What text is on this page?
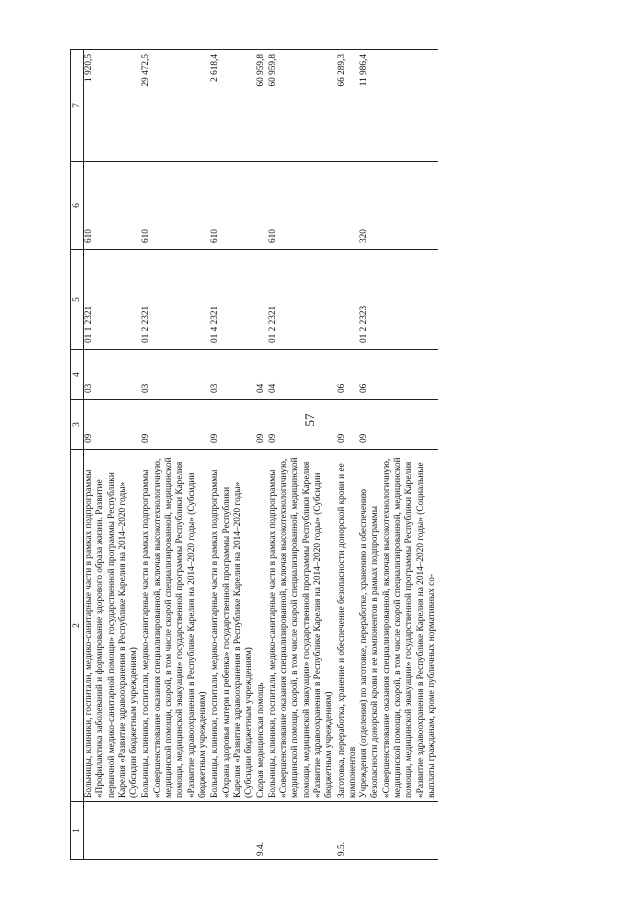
57
1	2	3	4	5	6	7
	Больницы, клиники, госпитали, медико-санитарные части в рамках подпрограммы «Профилактика заболеваний и формирование здорового образа жизни. Развитие первичной медико-санитарной помощи» государственной программы Республики Карелия «Развитие здравоохранения в Республике Карелия на 2014–2020 годы» (Субсидии бюджетным учреждениям)	09	03	01 1 2321	610	1 920,5
	Больницы, клиники, госпитали, медико-санитарные части в рамках подпрограммы «Совершенствование оказания специализированной, включая высокотехнологичную, медицинской помощи, скорой, в том числе скорой специализированной, медицинской помощи, медицинской эвакуации» государственной программы Республики Карелия «Развитие здравоохранения в Республике Карелия на 2014–2020 годы» (Субсидии бюджетным учреждениям)	09	03	01 2 2321	610	29 472,5
	Больницы, клиники, госпитали, медико-санитарные части в рамках подпрограммы «Охрана здоровья матери и ребенка» государственной программы Республики Карелия «Развитие здравоохранения в Республике Карелия на 2014–2020 годы» (Субсидии бюджетным учреждениям)	09	03	01 4 2321	610	2 618,4
9.4.	Скорая медицинская помощь	09	04			60 959,8
	Больницы, клиники, госпитали, медико-санитарные части в рамках подпрограммы «Совершенствование оказания специализированной, включая высокотехнологичную, медицинской помощи, скорой, в том числе скорой специализированной, медицинской помощи, медицинской эвакуации» государственной программы Республики Карелия «Развитие здравоохранения в Республике Карелия на 2014–2020 годы» (Субсидии бюджетным учреждениям)	09	04	01 2 2321	610	60 959,8
9.5.	Заготовка, переработка, хранение и обеспечение безопасности донорской крови и ее компонентов	09	06			66 289,3
	Учреждения (отделения) по заготовке, переработке, хранению и обеспечению безопасности донорской крови и ее компонентов в рамках подпрограммы «Совершенствование оказания специализированной, включая высокотехнологичную, медицинской помощи, скорой, в том числе скорой специализированной, медицинской помощи, медицинской эвакуации» государственной программы Республики Карелия «Развитие здравоохранения в Республике Карелия на 2014–2020 годы» (Социальные выплаты гражданам, кроме публичных нормативных со-	09	06	01 2 2323	320	11 986,4
